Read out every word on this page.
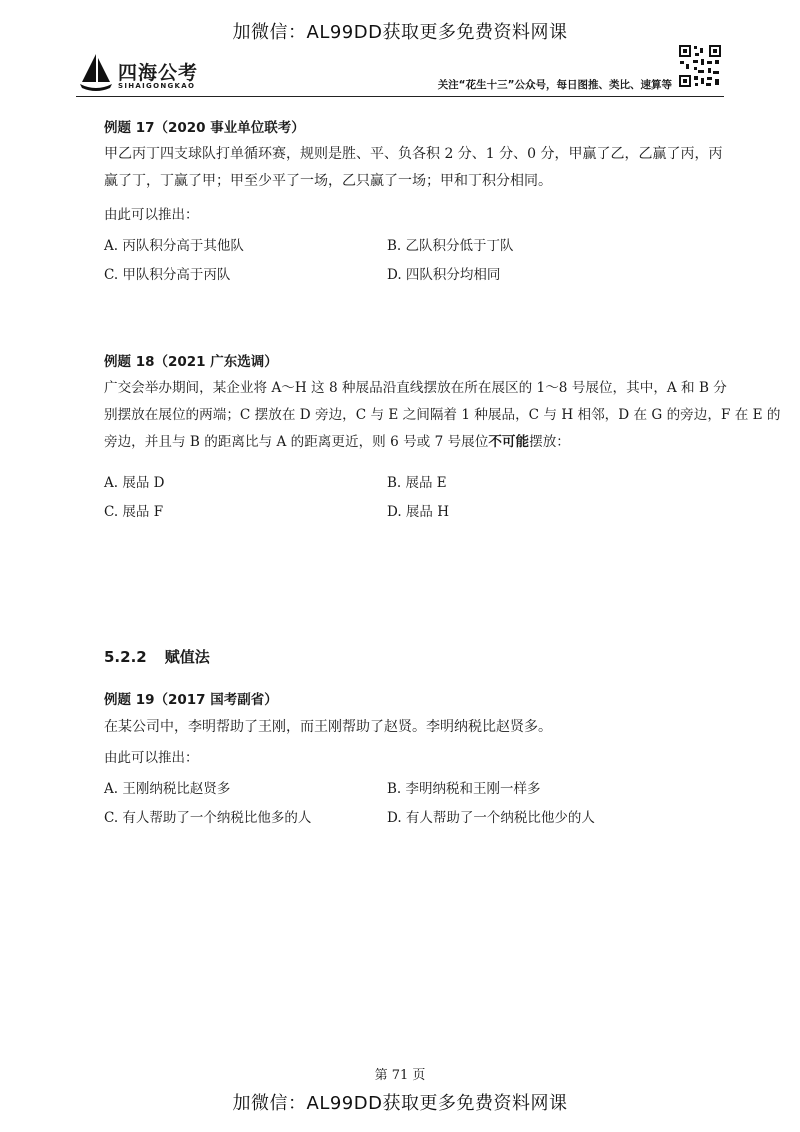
加微信：AL99DD获取更多免费资料网课
四海公考
SIHAIGONGKAO	关注“花生十三”公众号，每日图推、类比、速算等
例题 17（2020 事业单位联考）
甲乙丙丁四支球队打单循环赛，规则是胜、平、负各积 2 分、1 分、0 分，甲赢了乙，乙赢了丙，丙
赢了丁，丁赢了甲；甲至少平了一场，乙只赢了一场；甲和丁积分相同。
由此可以推出：
A. 丙队积分高于其他队	B. 乙队积分低于丁队
C. 甲队积分高于丙队	D. 四队积分均相同
例题 18（2021 广东选调）
广交会举办期间，某企业将 A～H 这 8 种展品沿直线摆放在所在展区的 1～8 号展位，其中，A 和 B 分
别摆放在展位的两端；C 摆放在 D 旁边，C 与 E 之间隔着 1 种展品，C 与 H 相邻，D 在 G 的旁边，F 在 E 的
旁边，并且与 B 的距离比与 A 的距离更近，则 6 号或 7 号展位不可能摆放：
A. 展品 D	B. 展品 E
C. 展品 F	D. 展品 H
5.2.2 赋值法
例题 19（2017 国考副省）
在某公司中，李明帮助了王刚，而王刚帮助了赵贤。李明纳税比赵贤多。
由此可以推出：
A. 王刚纳税比赵贤多	B. 李明纳税和王刚一样多
C. 有人帮助了一个纳税比他多的人	D. 有人帮助了一个纳税比他少的人
第 71 页
加微信：AL99DD获取更多免费资料网课
